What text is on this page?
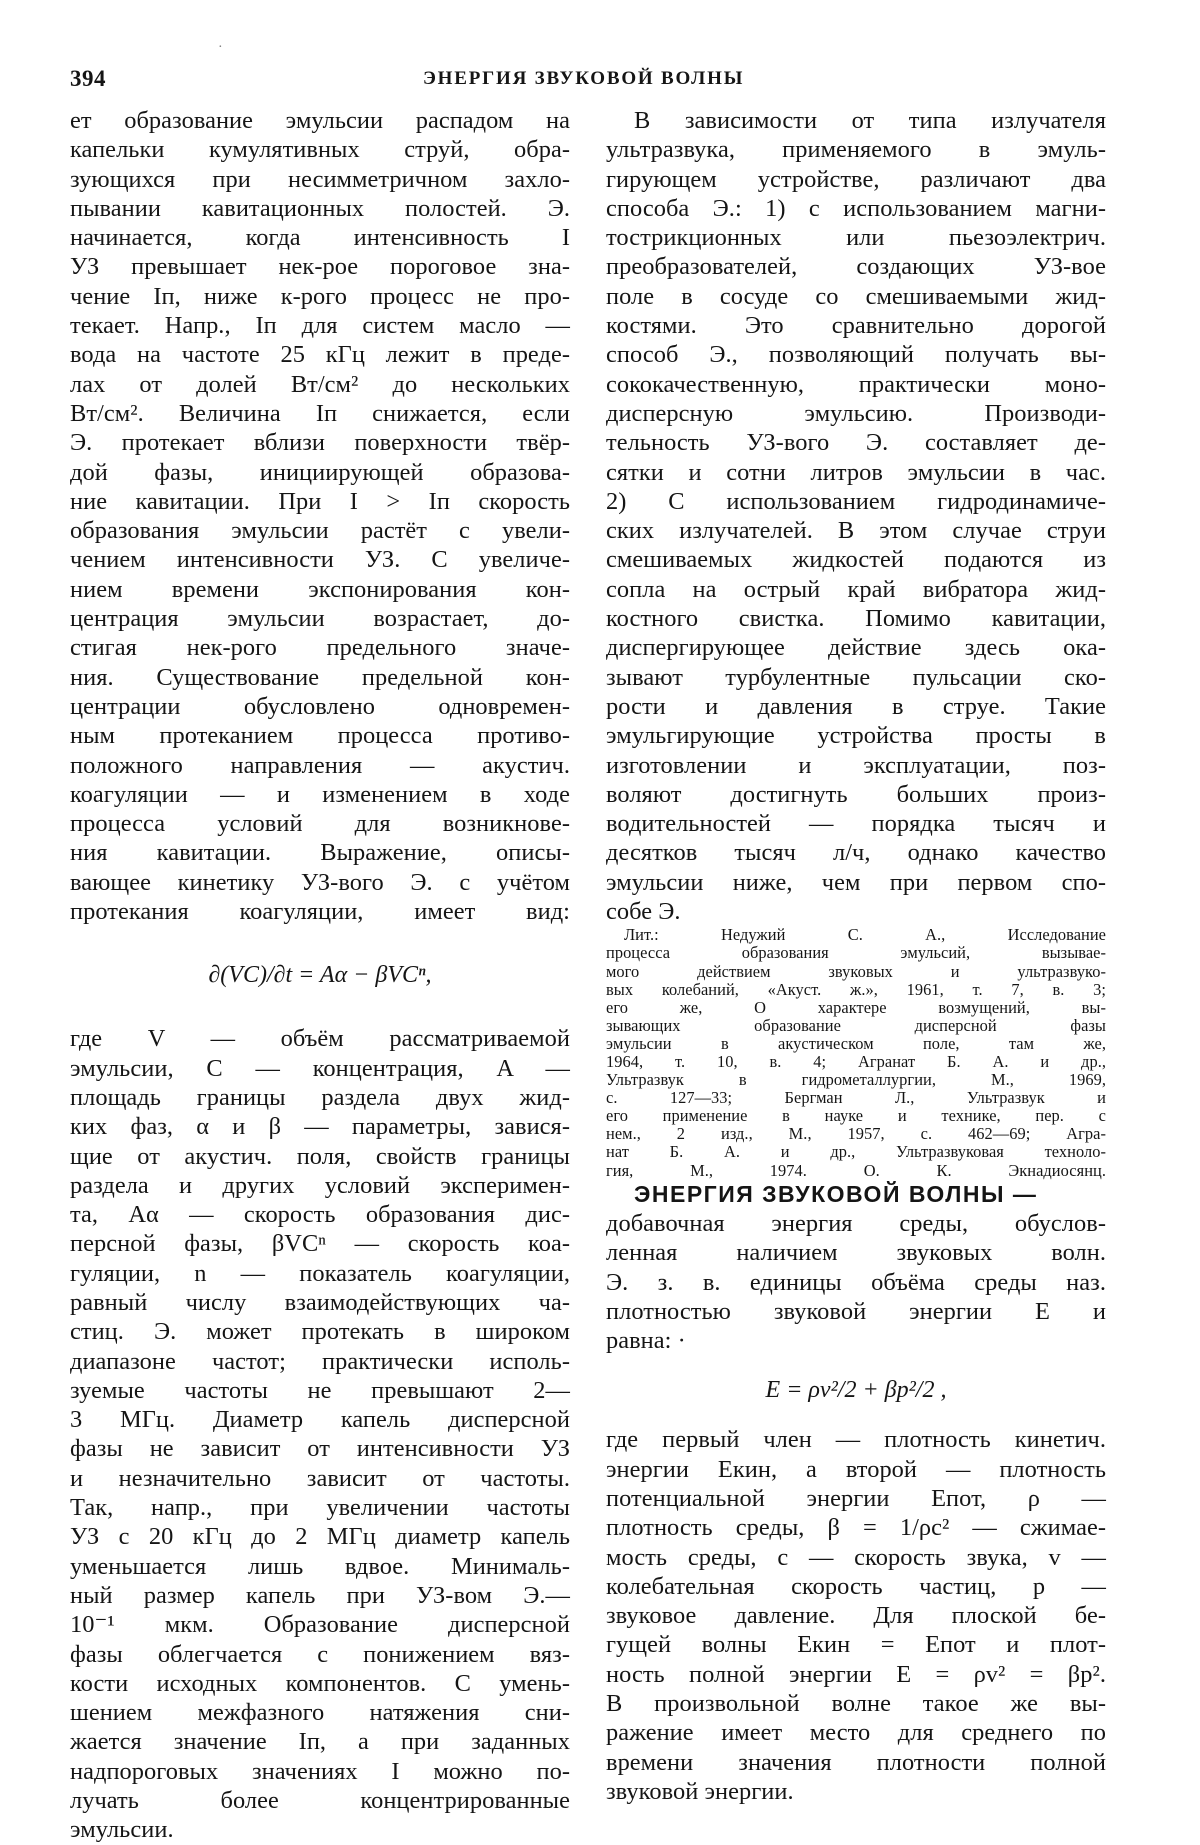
394	ЭНЕРГИЯ ЗВУКОВОЙ ВОЛНЫ
·
ет образование эмульсии распадом на
капельки кумулятивных струй, обра-
зующихся при несимметричном захло-
пывании кавитационных полостей. Э.
начинается, когда интенсивность I
УЗ превышает нек-рое пороговое зна-
чение Iп, ниже к-рого процесс не про-
текает. Напр., Iп для систем масло —
вода на частоте 25 кГц лежит в преде-
лах от долей Вт/см² до нескольких
Вт/см². Величина Iп снижается, если
Э. протекает вблизи поверхности твёр-
дой фазы, инициирующей образова-
ние кавитации. При I > Iп скорость
образования эмульсии растёт с увели-
чением интенсивности УЗ. С увеличе-
нием времени экспонирования кон-
центрация эмульсии возрастает, до-
стигая нек-рого предельного значе-
ния. Существование предельной кон-
центрации обусловлено одновремен-
ным протеканием процесса противо-
положного направления — акустич.
коагуляции — и изменением в ходе
процесса условий для возникнове-
ния кавитации. Выражение, описы-
вающее кинетику УЗ-вого Э. с учётом
протекания коагуляции, имеет вид:
∂(VC)/∂t = Aα − βVCⁿ,
где V — объём рассматриваемой
эмульсии, C — концентрация, A —
площадь границы раздела двух жид-
ких фаз, α и β — параметры, завися-
щие от акустич. поля, свойств границы
раздела и других условий эксперимен-
та, Aα — скорость образования дис-
персной фазы, βVCⁿ — скорость коа-
гуляции, n — показатель коагуляции,
равный числу взаимодействующих ча-
стиц. Э. может протекать в широком
диапазоне частот; практически исполь-
зуемые частоты не превышают 2—
3 МГц. Диаметр капель дисперсной
фазы не зависит от интенсивности УЗ
и незначительно зависит от частоты.
Так, напр., при увеличении частоты
УЗ с 20 кГц до 2 МГц диаметр капель
уменьшается лишь вдвое. Минималь-
ный размер капель при УЗ-вом Э.—
10⁻¹ мкм. Образование дисперсной
фазы облегчается с понижением вяз-
кости исходных компонентов. С умень-
шением межфазного натяжения сни-
жается значение Iп, а при заданных
надпороговых значениях I можно по-
лучать более концентрированные
эмульсии.
В зависимости от типа излучателя
ультразвука, применяемого в эмуль-
гирующем устройстве, различают два
способа Э.: 1) с использованием магни-
тострикционных или пьезоэлектрич.
преобразователей, создающих УЗ-вое
поле в сосуде со смешиваемыми жид-
костями. Это сравнительно дорогой
способ Э., позволяющий получать вы-
сококачественную, практически моно-
дисперсную эмульсию. Производи-
тельность УЗ-вого Э. составляет де-
сятки и сотни литров эмульсии в час.
2) С использованием гидродинамиче-
ских излучателей. В этом случае струи
смешиваемых жидкостей подаются из
сопла на острый край вибратора жид-
костного свистка. Помимо кавитации,
диспергирующее действие здесь ока-
зывают турбулентные пульсации ско-
рости и давления в струе. Такие
эмульгирующие устройства просты в
изготовлении и эксплуатации, поз-
воляют достигнуть больших произ-
водительностей — порядка тысяч и
десятков тысяч л/ч, однако качество
эмульсии ниже, чем при первом спо-
собе Э.
Лит.: Недужий С. А., Исследование
процесса образования эмульсий, вызывае-
мого действием звуковых и ультразвуко-
вых колебаний, «Акуст. ж.», 1961, т. 7, в. 3;
его же, О характере возмущений, вы-
зывающих образование дисперсной фазы
эмульсии в акустическом поле, там же,
1964, т. 10, в. 4; Агранат Б. А. и др.,
Ультразвук в гидрометаллургии, М., 1969,
с. 127—33; Бергман Л., Ультразвук и
его применение в науке и технике, пер. с
нем., 2 изд., М., 1957, с. 462—69; Агра-
нат Б. А. и др., Ультразвуковая техноло-
гия, М., 1974. О. К. Экнадиосянц.
ЭНЕРГИЯ ЗВУКОВОЙ ВОЛНЫ —
добавочная энергия среды, обуслов-
ленная наличием звуковых волн.
Э. з. в. единицы объёма среды наз.
плотностью звуковой энергии E и
равна: ·
E = ρv²/2 + βp²/2 ,
где первый член — плотность кинетич.
энергии Eкин, а второй — плотность
потенциальной энергии Eпот, ρ —
плотность среды, β = 1/ρc² — сжимае-
мость среды, c — скорость звука, v —
колебательная скорость частиц, p —
звуковое давление. Для плоской бе-
гущей волны Eкин = Eпот и плот-
ность полной энергии E = ρv² = βp².
В произвольной волне такое же вы-
ражение имеет место для среднего по
времени значения плотности полной
звуковой энергии.
